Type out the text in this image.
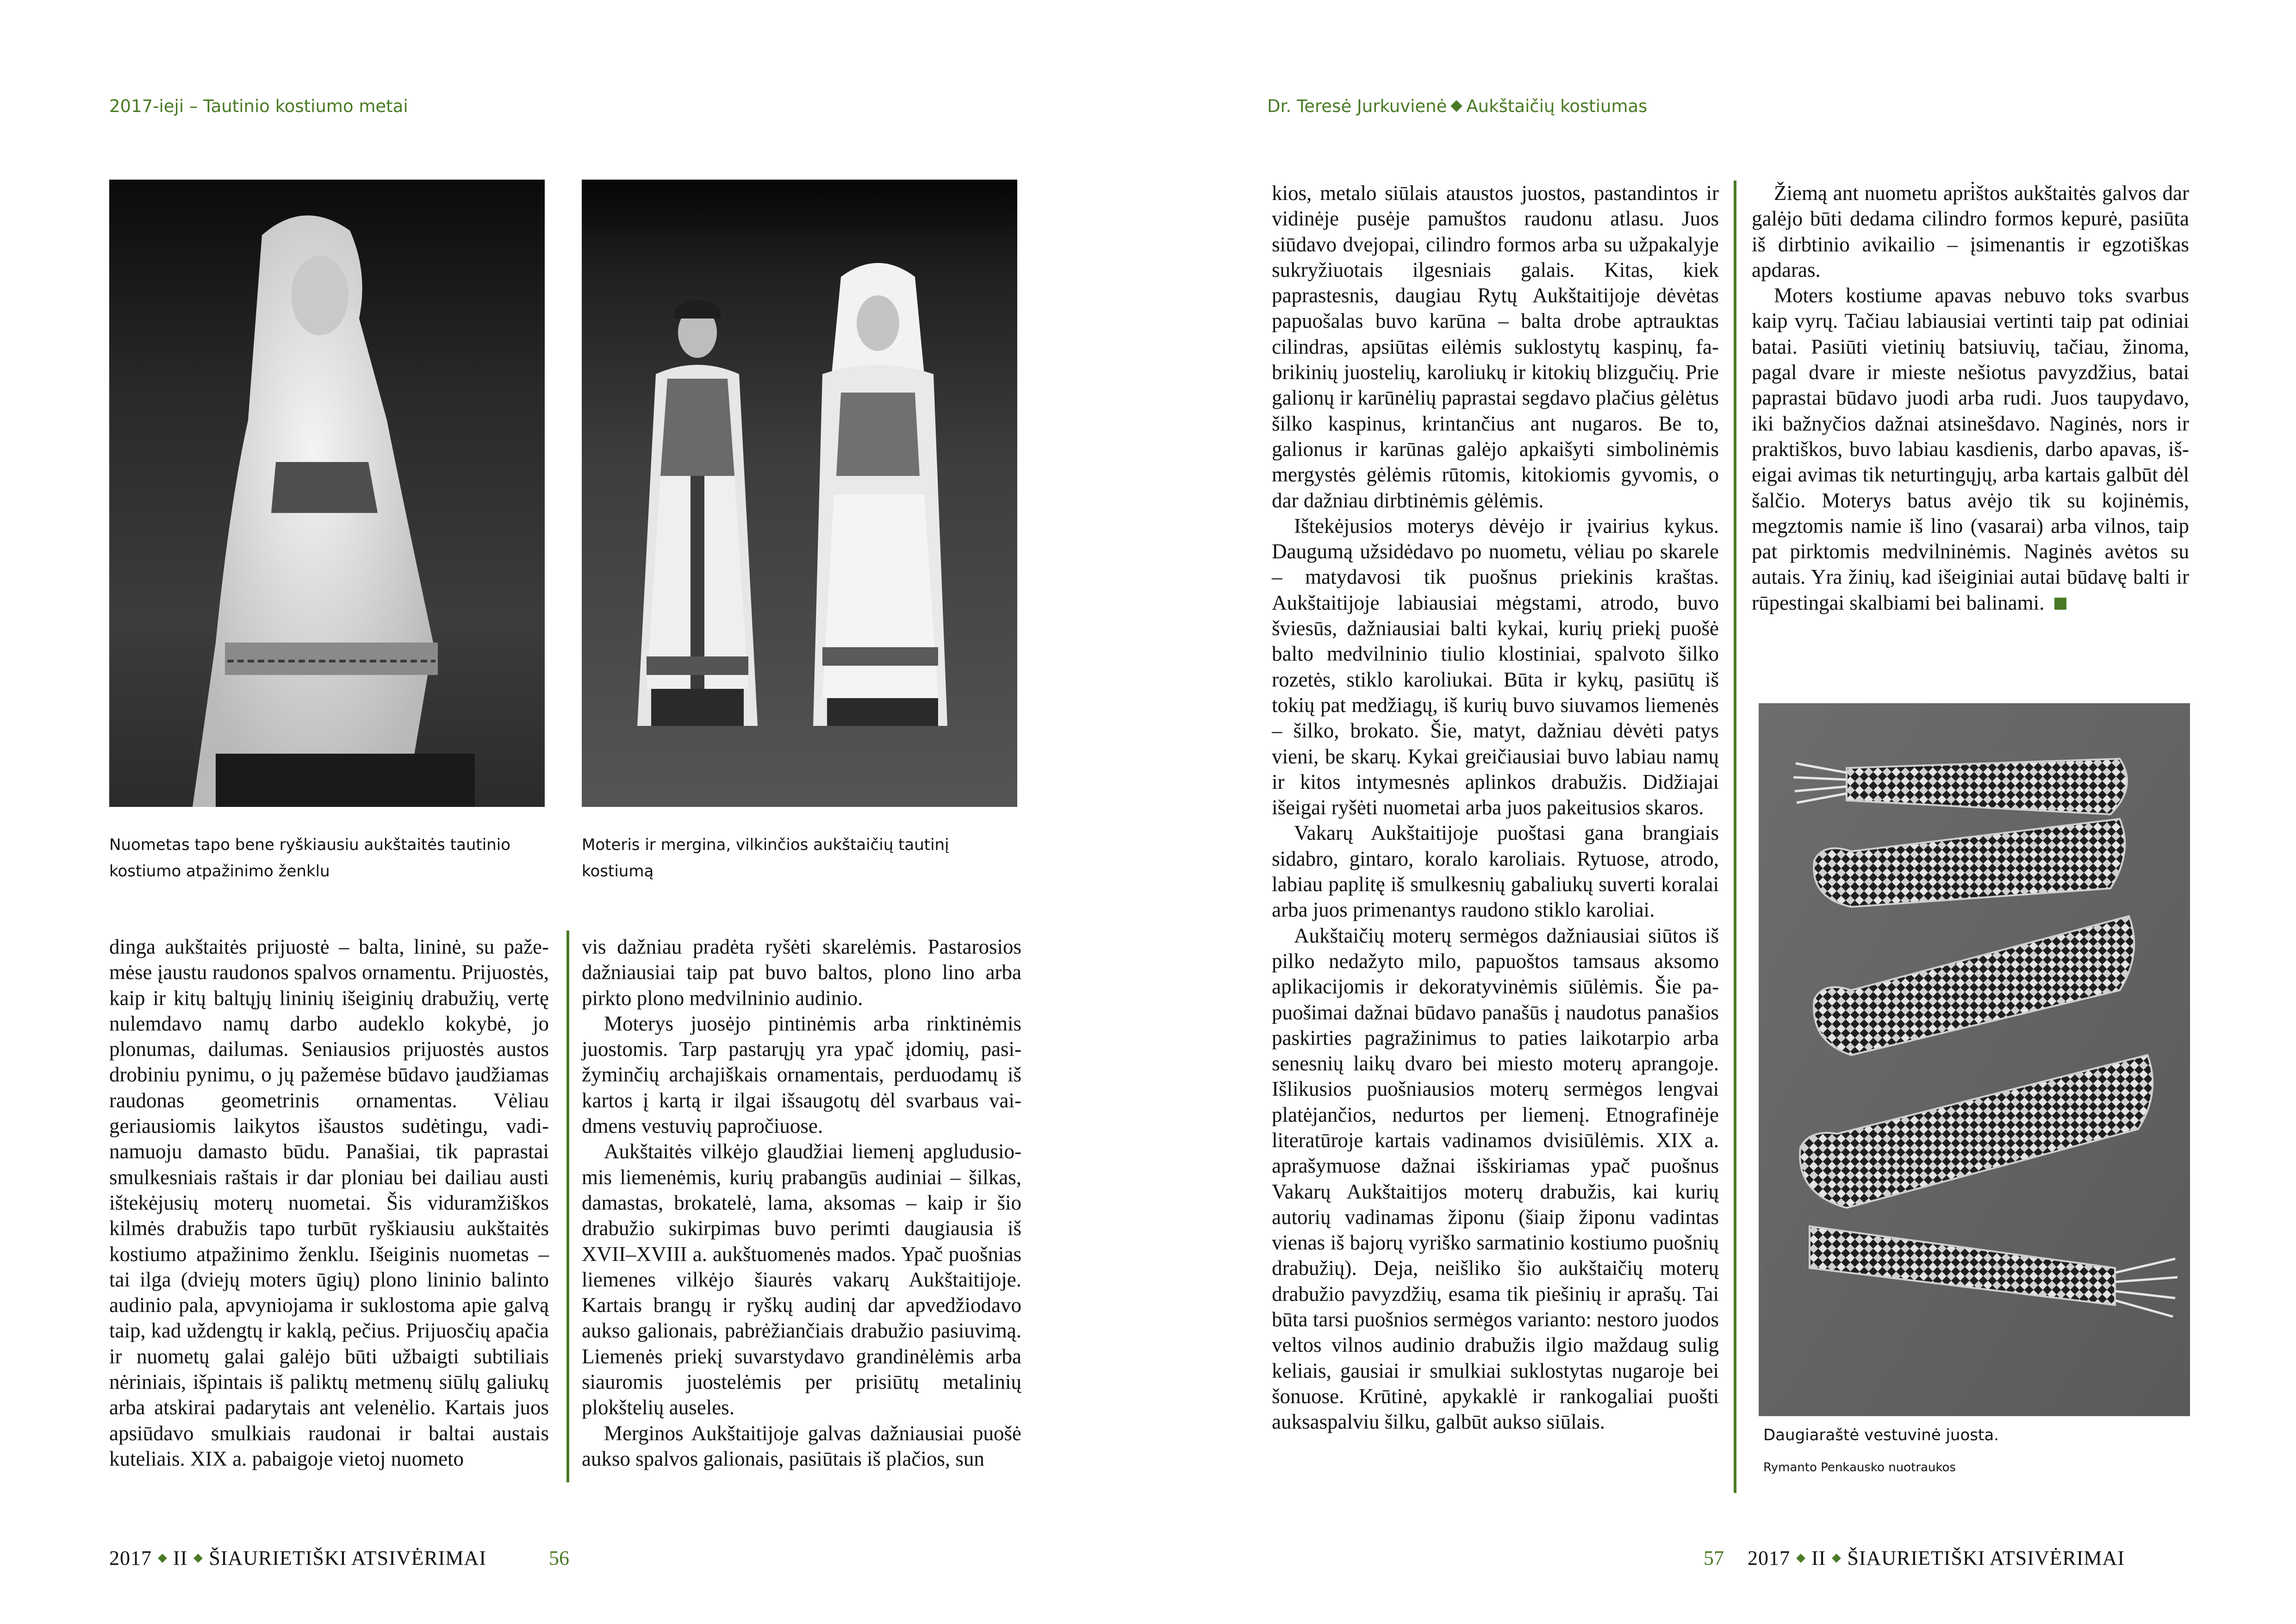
2017-ieji – Tautinio kostiumo metai
Nuometas tapo bene ryškiausiu aukštaitės tautinio kostiumo atpažinimo ženklu
Moteris ir mergina, vilkinčios aukštaičių tautinį kostiumą

dinga aukštaitės prijuostė – balta, lininė, su pažemėse įaustu raudonos spalvos ornamentu. Prijuostės, kaip ir kitų baltųjų lininių išeiginių drabužių, vertę nulemdavo namų darbo audeklo kokybė, jo plonumas, dailumas. Seniausios prijuostės austos drobiniu pynimu, o jų pažemėse būdavo įaudžiamas raudonas geometrinis ornamentas. Vėliau geriausiomis laikytos išaustos sudėtingu, vadinamuoju damasto būdu. Panašiai, tik paprastai smulkesniais raštais ir dar ploniau bei dailiau austi ištekėjusių moterų nuometai. Šis viduramžiškos kilmės drabužis tapo turbūt ryškiausiu aukštaitės kostiumo atpažinimo ženklu. Išeiginis nuometas – tai ilga (dviejų moters ūgių) plono lininio balinto audinio pala, apvyniojama ir suklostoma apie galvą taip, kad uždengtų ir kaklą, pečius. Prijuosčių apačia ir nuometų galai galėjo būti užbaigti subtiliais nėriniais, išpintais iš paliktų metmenų siūlų galiukų arba atskirai padarytais ant velenėlio. Kartais juos apsiūdavo smulkiais raudonai ir baltai austais kuteliais. XIX a. pabaigoje vietoj nuometo

vis dažniau pradėta ryšėti skarelėmis. Pastarosios dažniausiai taip pat buvo baltos, plono lino arba pirkto plono medvilninio audinio.

Moterys juosėjo pintinėmis arba rinktinėmis juostomis. Tarp pastarųjų yra ypač įdomių, pasižyminčių archajiškais ornamentais, perduodamų iš kartos į kartą ir ilgai išsaugotų dėl svarbaus vaidmens vestuvių papročiuose.

Aukštaitės vilkėjo glaudžiai liemenį apgludusiomis liemenėmis, kurių prabangūs audiniai – šilkas, damastas, brokatelė, lama, aksomas – kaip ir šio drabužio sukirpimas buvo perimti daugiausia iš XVII–XVIII a. aukštuomenės mados. Ypač puošnias liemenes vilkėjo šiaurės vakarų Aukštaitijoje. Kartais brangų ir ryškų audinį dar apvedžiodavo aukso galionais, pabrėžiančiais drabužio pasiuvimą. Liemenės priekį suvarstydavo grandinėlėmis arba siauromis juostelėmis per prisiūtų metalinių plokštelių auseles.

Merginos Aukštaitijoje galvas dažniausiai puošė aukso spalvos galionais, pasiūtais iš plačios, sun

2017 II ŠIAURIETIŠKI ATSIVĖRIMAI	56
Dr. Teresė Jurkuvienė Aukštaičių kostiumas

kios, metalo siūlais ataustos juostos, pastandintos ir vidinėje pusėje pamuštos raudonu atlasu. Juos siūdavo dvejopai, cilindro formos arba su užpakalyje sukryžiuotais ilgesniais galais. Kitas, kiek paprastesnis, daugiau Rytų Aukštaitijoje dėvėtas papuošalas buvo karūna – balta drobe aptrauktas cilindras, apsiūtas eilėmis suklostytų kaspinų, fabrikinių juostelių, karoliukų ir kitokių blizgučių. Prie galionų ir karūnėlių paprastai segdavo plačius gėlėtus šilko kaspinus, krintančius ant nugaros. Be to, galionus ir karūnas galėjo apkaišyti simbolinėmis mergystės gėlėmis rūtomis, kitokiomis gyvomis, o dar dažniau dirbtinėmis gėlėmis.

Ištekėjusios moterys dėvėjo ir įvairius kykus. Daugumą užsidėdavo po nuometu, vėliau po skarele – matydavosi tik puošnus priekinis kraštas. Aukštaitijoje labiausiai mėgstami, atrodo, buvo šviesūs, dažniausiai balti kykai, kurių priekį puošė balto medvilninio tiulio klostiniai, spalvoto šilko rozetės, stiklo karoliukai. Būta ir kykų, pasiūtų iš tokių pat medžiagų, iš kurių buvo siuvamos liemenės – šilko, brokato. Šie, matyt, dažniau dėvėti patys vieni, be skarų. Kykai greičiausiai buvo labiau namų ir kitos intymesnės aplinkos drabužis. Didžiajai išeigai ryšėti nuometai arba juos pakeitusios skaros.

Vakarų Aukštaitijoje puoštasi gana brangiais sidabro, gintaro, koralo karoliais. Rytuose, atrodo, labiau paplitę iš smulkesnių gabaliukų suverti koralai arba juos primenantys raudono stiklo karoliai.

Aukštaičių moterų sermėgos dažniausiai siūtos iš pilko nedažyto milo, papuoštos tamsaus aksomo aplikacijomis ir dekoratyvinėmis siūlėmis. Šie papuošimai dažnai būdavo panašūs į naudotus panašios paskirties pagražinimus to paties laikotarpio arba senesnių laikų dvaro bei miesto moterų aprangoje. Išlikusios puošniausios moterų sermėgos lengvai platėjančios, nedurtos per liemenį. Etnografinėje literatūroje kartais vadinamos dvisiūlėmis. XIX a. aprašymuose dažnai išskiriamas ypač puošnus Vakarų Aukštaitijos moterų drabužis, kai kurių autorių vadinamas žiponu (šiaip žiponu vadintas vienas iš bajorų vyriško sarmatinio kostiumo puošnių drabužių). Deja, neišliko šio aukštaičių moterų drabužio pavyzdžių, esama tik piešinių ir aprašų. Tai būta tarsi puošnios sermėgos varianto: nestoro juodos veltos vilnos audinio drabužis ilgio maždaug sulig keliais, gausiai ir smulkiai suklostytas nugaroje bei šonuose. Krūtinė, apykaklė ir rankogaliai puošti auksaspalviu šilku, galbūt aukso siūlais.

Žiemą ant nuometu apri̇štos aukštaitės galvos dar galėjo būti dedama cilindro formos kepurė, pasiūta iš dirbtinio avikailio – įsimenantis ir egzotiškas apdaras.

Moters kostiume apavas nebuvo toks svarbus kaip vyrų. Tačiau labiausiai vertinti taip pat odiniai batai. Pasiūti vietinių batsiuvių, tačiau, žinoma, pagal dvare ir mieste nešiotus pavyzdžius, batai paprastai būdavo juodi arba rudi. Juos taupydavo, iki bažnyčios dažnai atsinešdavo. Naginės, nors ir praktiškos, buvo labiau kasdienis, darbo apavas, išeigai avimas tik neturtingųjų, arba kartais galbūt dėl šalčio. Moterys batus avėjo tik su kojinėmis, megztomis namie iš lino (vasarai) arba vilnos, taip pat pirktomis medvilninėmis. Naginės avėtos su autais. Yra žinių, kad išeiginiai autai būdavę balti ir rūpestingai skalbiami bei balinami.

Daugiaraštė vestuvinė juosta.
Rymanto Penkausko nuotraukos
57 2017 II ŠIAURIETIŠKI ATSIVĖRIMAI
